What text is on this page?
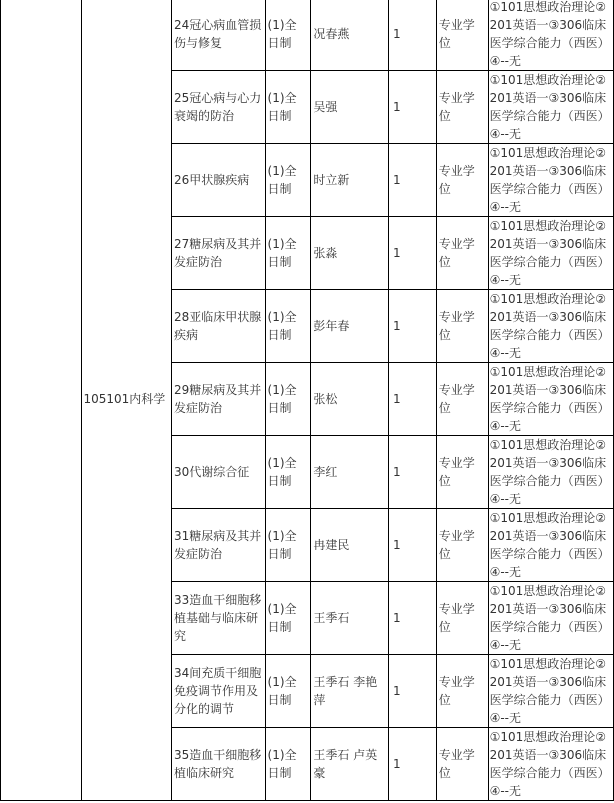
	105101内科学	24冠心病血管损伤与修复	(1)全日制	况春燕	1	专业学位	①101思想政治理论②201英语一③306临床医学综合能力（西医）④--无
		25冠心病与心力衰竭的防治	(1)全日制	吴强	1	专业学位	①101思想政治理论②201英语一③306临床医学综合能力（西医）④--无
		26甲状腺疾病	(1)全日制	时立新	1	专业学位	①101思想政治理论②201英语一③306临床医学综合能力（西医）④--无
		27糖尿病及其并发症防治	(1)全日制	张淼	1	专业学位	①101思想政治理论②201英语一③306临床医学综合能力（西医）④--无
		28亚临床甲状腺疾病	(1)全日制	彭年春	1	专业学位	①101思想政治理论②201英语一③306临床医学综合能力（西医）④--无
		29糖尿病及其并发症防治	(1)全日制	张松	1	专业学位	①101思想政治理论②201英语一③306临床医学综合能力（西医）④--无
		30代谢综合征	(1)全日制	李红	1	专业学位	①101思想政治理论②201英语一③306临床医学综合能力（西医）④--无
		31糖尿病及其并发症防治	(1)全日制	冉建民	1	专业学位	①101思想政治理论②201英语一③306临床医学综合能力（西医）④--无
		33造血干细胞移植基础与临床研究	(1)全日制	王季石	1	专业学位	①101思想政治理论②201英语一③306临床医学综合能力（西医）④--无
		34间充质干细胞免疫调节作用及分化的调节	(1)全日制	王季石 李艳萍	1	专业学位	①101思想政治理论②201英语一③306临床医学综合能力（西医）④--无
		35造血干细胞移植临床研究	(1)全日制	王季石 卢英豪	1	专业学位	①101思想政治理论②201英语一③306临床医学综合能力（西医）④--无
